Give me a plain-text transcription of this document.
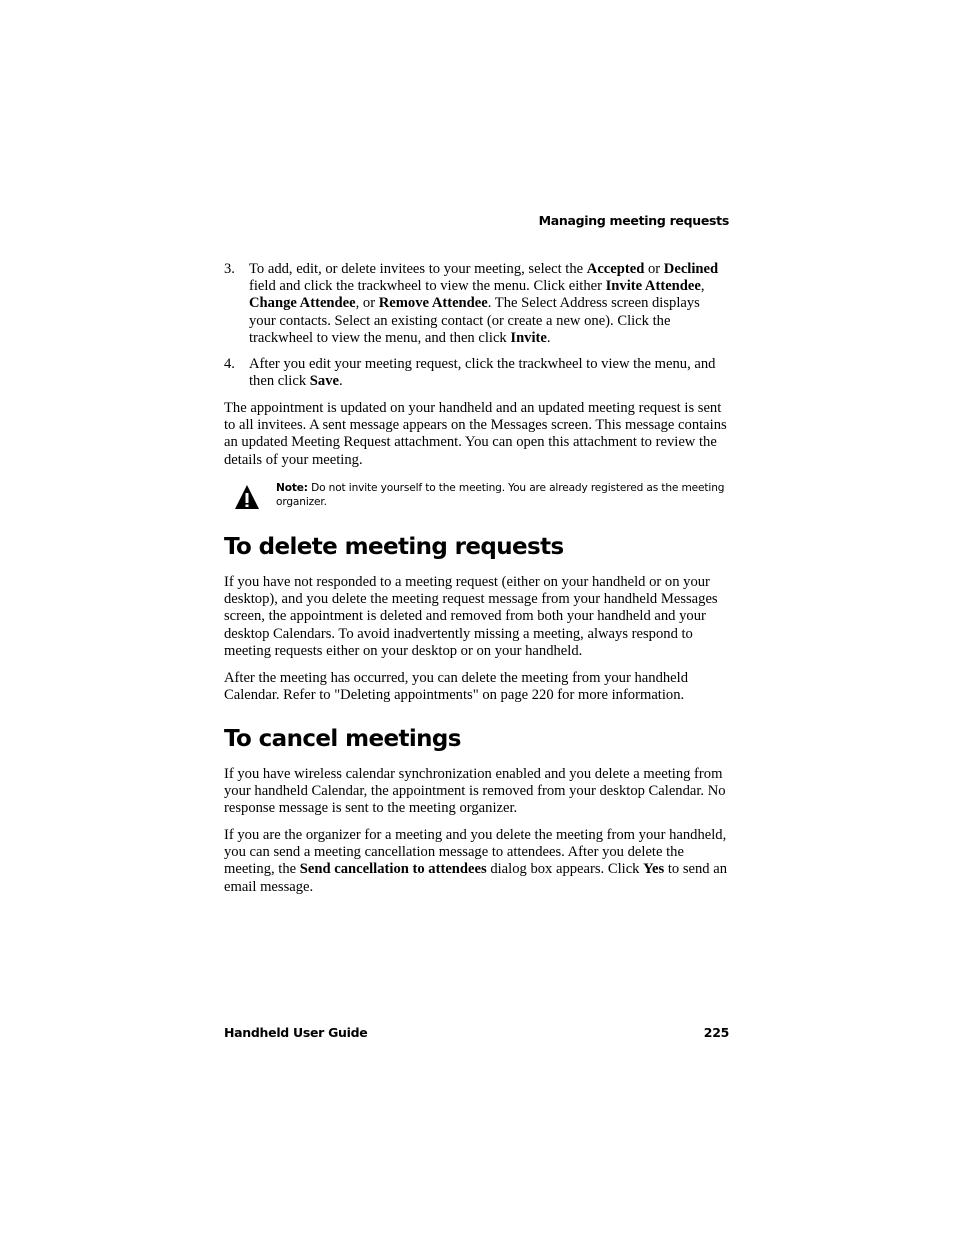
Managing meeting requests
3. To add, edit, or delete invitees to your meeting, select the Accepted or Declined field and click the trackwheel to view the menu. Click either Invite Attendee, Change Attendee, or Remove Attendee. The Select Address screen displays your contacts. Select an existing contact (or create a new one). Click the trackwheel to view the menu, and then click Invite.
4. After you edit your meeting request, click the trackwheel to view the menu, and then click Save.
The appointment is updated on your handheld and an updated meeting request is sent to all invitees. A sent message appears on the Messages screen. This message contains an updated Meeting Request attachment. You can open this attachment to review the details of your meeting.
Note: Do not invite yourself to the meeting. You are already registered as the meeting organizer.
To delete meeting requests
If you have not responded to a meeting request (either on your handheld or on your desktop), and you delete the meeting request message from your handheld Messages screen, the appointment is deleted and removed from both your handheld and your desktop Calendars. To avoid inadvertently missing a meeting, always respond to meeting requests either on your desktop or on your handheld.
After the meeting has occurred, you can delete the meeting from your handheld Calendar. Refer to "Deleting appointments" on page 220 for more information.
To cancel meetings
If you have wireless calendar synchronization enabled and you delete a meeting from your handheld Calendar, the appointment is removed from your desktop Calendar. No response message is sent to the meeting organizer.
If you are the organizer for a meeting and you delete the meeting from your handheld, you can send a meeting cancellation message to attendees. After you delete the meeting, the Send cancellation to attendees dialog box appears. Click Yes to send an email message.
Handheld User Guide	225
